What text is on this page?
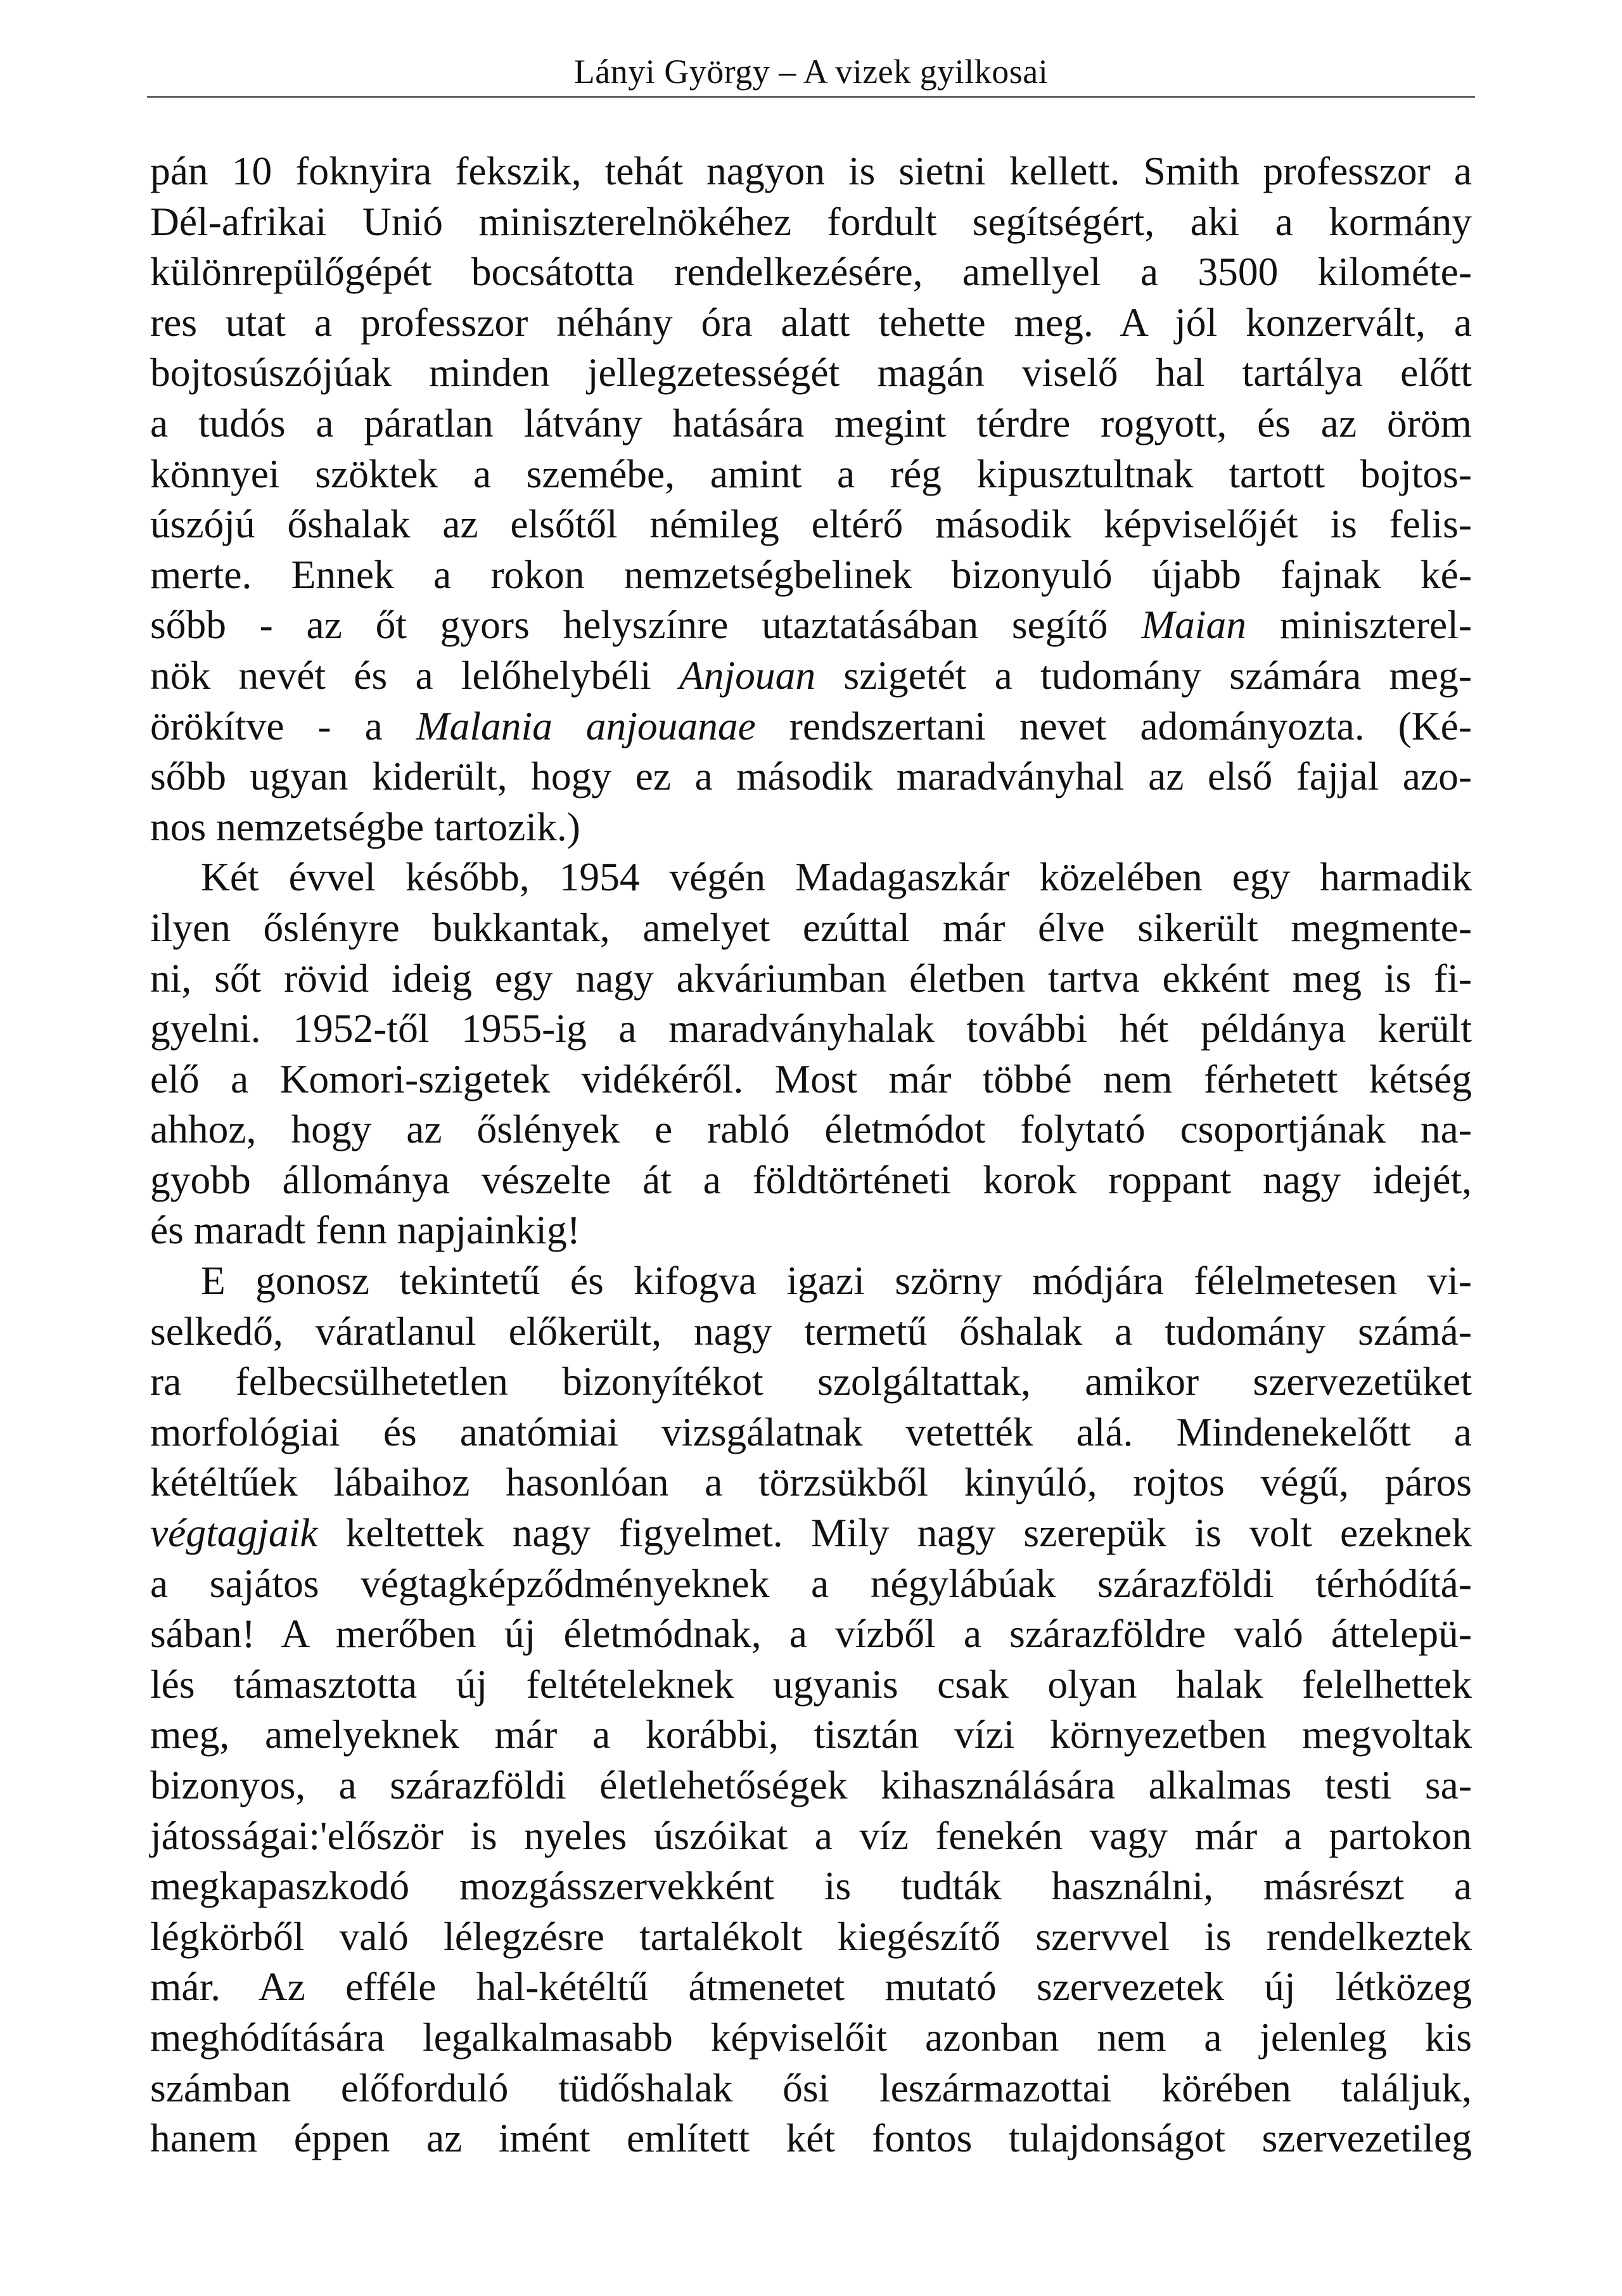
Lányi György – A vizek gyilkosai

pán 10 foknyira fekszik, tehát nagyon is sietni kellett. Smith professzor a

Dél-afrikai Unió miniszterelnökéhez fordult segítségért, aki a kormány

különrepülőgépét bocsátotta rendelkezésére, amellyel a 3500 kilométe-

res utat a professzor néhány óra alatt tehette meg. A jól konzervált, a

bojtosúszójúak minden jellegzetességét magán viselő hal tartálya előtt

a tudós a páratlan látvány hatására megint térdre rogyott, és az öröm

könnyei szöktek a szemébe, amint a rég kipusztultnak tartott bojtos-

úszójú őshalak az elsőtől némileg eltérő második képviselőjét is felis-

merte. Ennek a rokon nemzetségbelinek bizonyuló újabb fajnak ké-

sőbb - az őt gyors helyszínre utaztatásában segítő Maian miniszterel-

nök nevét és a lelőhelybéli Anjouan szigetét a tudomány számára meg-

örökítve - a Malania anjouanae rendszertani nevet adományozta. (Ké-

sőbb ugyan kiderült, hogy ez a második maradványhal az első fajjal azo-

nos nemzetségbe tartozik.)

Két évvel később, 1954 végén Madagaszkár közelében egy harmadik

ilyen őslényre bukkantak, amelyet ezúttal már élve sikerült megmente-

ni, sőt rövid ideig egy nagy akváriumban életben tartva ekként meg is fi-

gyelni. 1952-től 1955-ig a maradványhalak további hét példánya került

elő a Komori-szigetek vidékéről. Most már többé nem férhetett kétség

ahhoz, hogy az őslények e rabló életmódot folytató csoportjának na-

gyobb állománya vészelte át a földtörténeti korok roppant nagy idejét,

és maradt fenn napjainkig!

E gonosz tekintetű és kifogva igazi szörny módjára félelmetesen vi-

selkedő, váratlanul előkerült, nagy termetű őshalak a tudomány számá-

ra felbecsülhetetlen bizonyítékot szolgáltattak, amikor szervezetüket

morfológiai és anatómiai vizsgálatnak vetették alá. Mindenekelőtt a

kétéltűek lábaihoz hasonlóan a törzsükből kinyúló, rojtos végű, páros

végtagjaik keltettek nagy figyelmet. Mily nagy szerepük is volt ezeknek

a sajátos végtagképződményeknek a négylábúak szárazföldi térhódítá-

sában! A merőben új életmódnak, a vízből a szárazföldre való áttelepü-

lés támasztotta új feltételeknek ugyanis csak olyan halak felelhettek

meg, amelyeknek már a korábbi, tisztán vízi környezetben megvoltak

bizonyos, a szárazföldi életlehetőségek kihasználására alkalmas testi sa-

játosságai:'először is nyeles úszóikat a víz fenekén vagy már a partokon

megkapaszkodó mozgásszervekként is tudták használni, másrészt a

légkörből való lélegzésre tartalékolt kiegészítő szervvel is rendelkeztek

már. Az efféle hal-kétéltű átmenetet mutató szervezetek új létközeg

meghódítására legalkalmasabb képviselőit azonban nem a jelenleg kis

számban előforduló tüdőshalak ősi leszármazottai körében találjuk,

hanem éppen az imént említett két fontos tulajdonságot szervezetileg
